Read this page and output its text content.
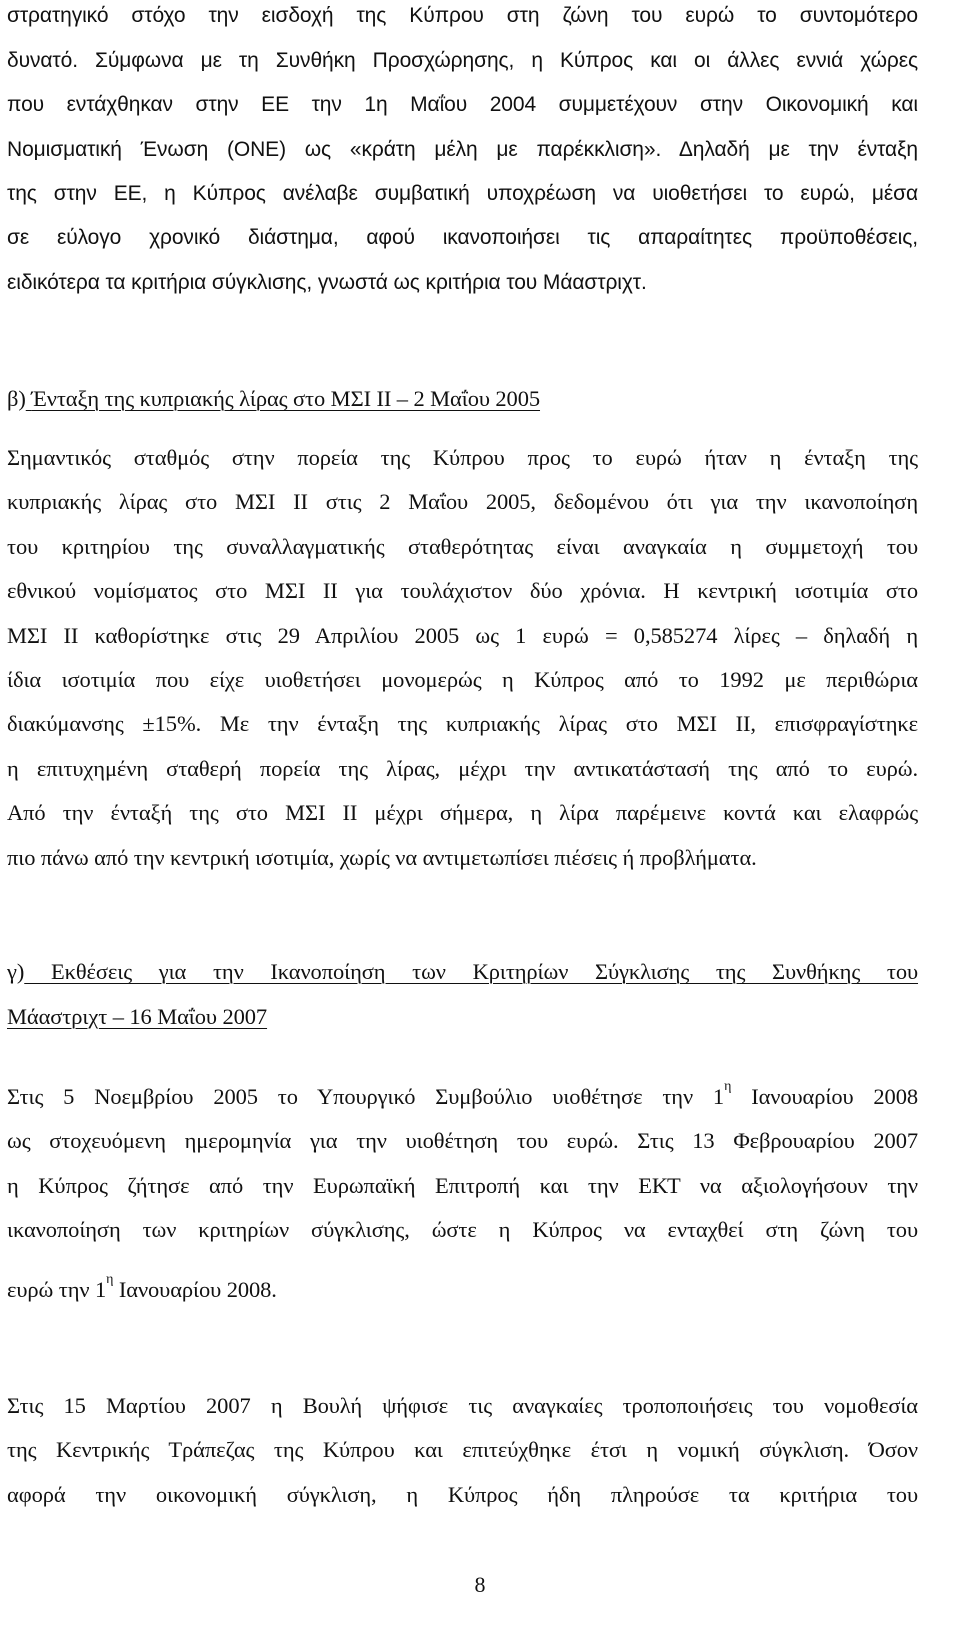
στρατηγικό στόχο την εισδοχή της Κύπρου στη ζώνη του ευρώ το συντομότερο
δυνατό. Σύμφωνα με τη Συνθήκη Προσχώρησης, η Κύπρος και οι άλλες εννιά χώρες
που εντάχθηκαν στην ΕΕ την 1η Μαΐου 2004 συμμετέχουν στην Οικονομική και
Νομισματική Ένωση (ΟΝΕ) ως «κράτη μέλη με παρέκκλιση». Δηλαδή με την ένταξη
της στην ΕΕ, η Κύπρος ανέλαβε συμβατική υποχρέωση να υιοθετήσει το ευρώ, μέσα
σε εύλογο χρονικό διάστημα, αφού ικανοποιήσει τις απαραίτητες προϋποθέσεις,
ειδικότερα τα κριτήρια σύγκλισης, γνωστά ως κριτήρια του Μάαστριχτ.
β) Ένταξη της κυπριακής λίρας στο ΜΣΙ ΙΙ – 2 Μαΐου 2005
Σημαντικός σταθμός στην πορεία της Κύπρου προς το ευρώ ήταν η ένταξη της
κυπριακής λίρας στο ΜΣΙ ΙΙ στις 2 Μαΐου 2005, δεδομένου ότι για την ικανοποίηση
του κριτηρίου της συναλλαγματικής σταθερότητας είναι αναγκαία η συμμετοχή του
εθνικού νομίσματος στο ΜΣΙ ΙΙ για τουλάχιστον δύο χρόνια. Η κεντρική ισοτιμία στο
ΜΣΙ ΙΙ καθορίστηκε στις 29 Απριλίου 2005 ως 1 ευρώ = 0,585274 λίρες – δηλαδή η
ίδια ισοτιμία που είχε υιοθετήσει μονομερώς η Κύπρος από το 1992 με περιθώρια
διακύμανσης ±15%. Με την ένταξη της κυπριακής λίρας στο ΜΣΙ ΙΙ, επισφραγίστηκε
η επιτυχημένη σταθερή πορεία της λίρας, μέχρι την αντικατάστασή της από το ευρώ.
Από την ένταξή της στο ΜΣΙ ΙΙ μέχρι σήμερα, η λίρα παρέμεινε κοντά και ελαφρώς
πιο πάνω από την κεντρική ισοτιμία, χωρίς να αντιμετωπίσει πιέσεις ή προβλήματα.
γ) Εκθέσεις για την Ικανοποίηση των Κριτηρίων Σύγκλισης της Συνθήκης του
Μάαστριχτ – 16 Μαΐου 2007
Στις 5 Νοεμβρίου 2005 το Υπουργικό Συμβούλιο υιοθέτησε την $1^\eta$ Ιανουαρίου 2008
ως στοχευόμενη ημερομηνία για την υιοθέτηση του ευρώ. Στις 13 Φεβρουαρίου 2007
η Κύπρος ζήτησε από την Ευρωπαϊκή Επιτροπή και την ΕΚΤ να αξιολογήσουν την
ικανοποίηση των κριτηρίων σύγκλισης, ώστε η Κύπρος να ενταχθεί στη ζώνη του
ευρώ την $1^\eta$ Ιανουαρίου 2008.
Στις 15 Μαρτίου 2007 η Βουλή ψήφισε τις αναγκαίες τροποποιήσεις του νομοθεσία
της Κεντρικής Τράπεζας της Κύπρου και επιτεύχθηκε έτσι η νομική σύγκλιση. Όσον
αφορά την οικονομική σύγκλιση, η Κύπρος ήδη πληρούσε τα κριτήρια του
8
